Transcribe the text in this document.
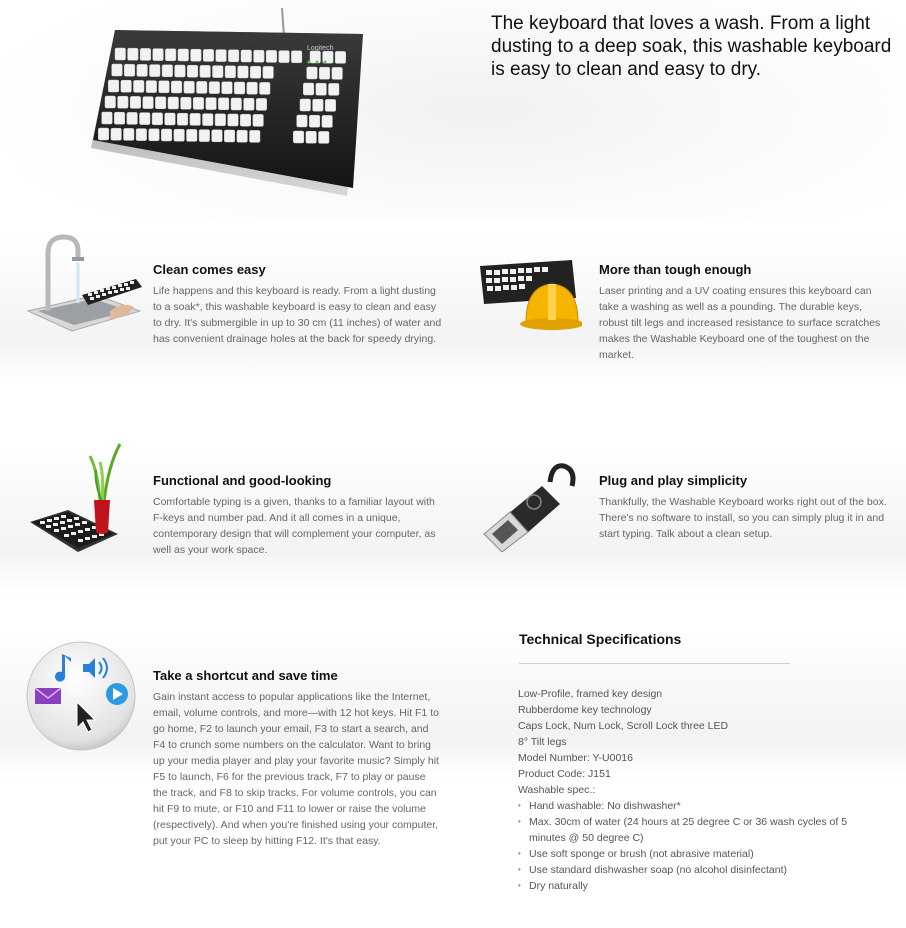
Logitech
The keyboard that loves a wash. From a light dusting to a deep soak, this washable keyboard is easy to clean and easy to dry.
Clean comes easy

Life happens and this keyboard is ready. From a light dusting to a soak*, this washable keyboard is easy to clean and easy to dry. It's submergible in up to 30 cm (11 inches) of water and has convenient drainage holes at the back for speedy drying.

More than tough enough

Laser printing and a UV coating ensures this keyboard can take a washing as well as a pounding. The durable keys, robust tilt legs and increased resistance to surface scratches makes the Washable Keyboard one of the toughest on the market.

Functional and good-looking

Comfortable typing is a given, thanks to a familiar layout with F-keys and number pad. And it all comes in a unique, contemporary design that will complement your computer, as well as your work space.

Plug and play simplicity

Thankfully, the Washable Keyboard works right out of the box. There's no software to install, so you can simply plug it in and start typing. Talk about a clean setup.

Take a shortcut and save time

Gain instant access to popular applications like the Internet, email, volume controls, and more—with 12 hot keys. Hit F1 to go home, F2 to launch your email, F3 to start a search, and F4 to crunch some numbers on the calculator. Want to bring up your media player and play your favorite music? Simply hit F5 to launch, F6 for the previous track, F7 to play or pause the track, and F8 to skip tracks. For volume controls, you can hit F9 to mute, or F10 and F11 to lower or raise the volume (respectively). And when you're finished using your computer, put your PC to sleep by hitting F12. It's that easy.

Technical Specifications
Low-Profile, framed key design
Rubberdome key technology
Caps Lock, Num Lock, Scroll Lock three LED
8° Tilt legs
Model Number: Y-U0016
Product Code: J151
Washable spec.:
• Hand washable: No dishwasher*
• Max. 30cm of water (24 hours at 25 degree C or 36 wash cycles of 5 minutes @ 50 degree C)
• Use soft sponge or brush (not abrasive material)
• Use standard dishwasher soap (no alcohol disinfectant)
• Dry naturally
